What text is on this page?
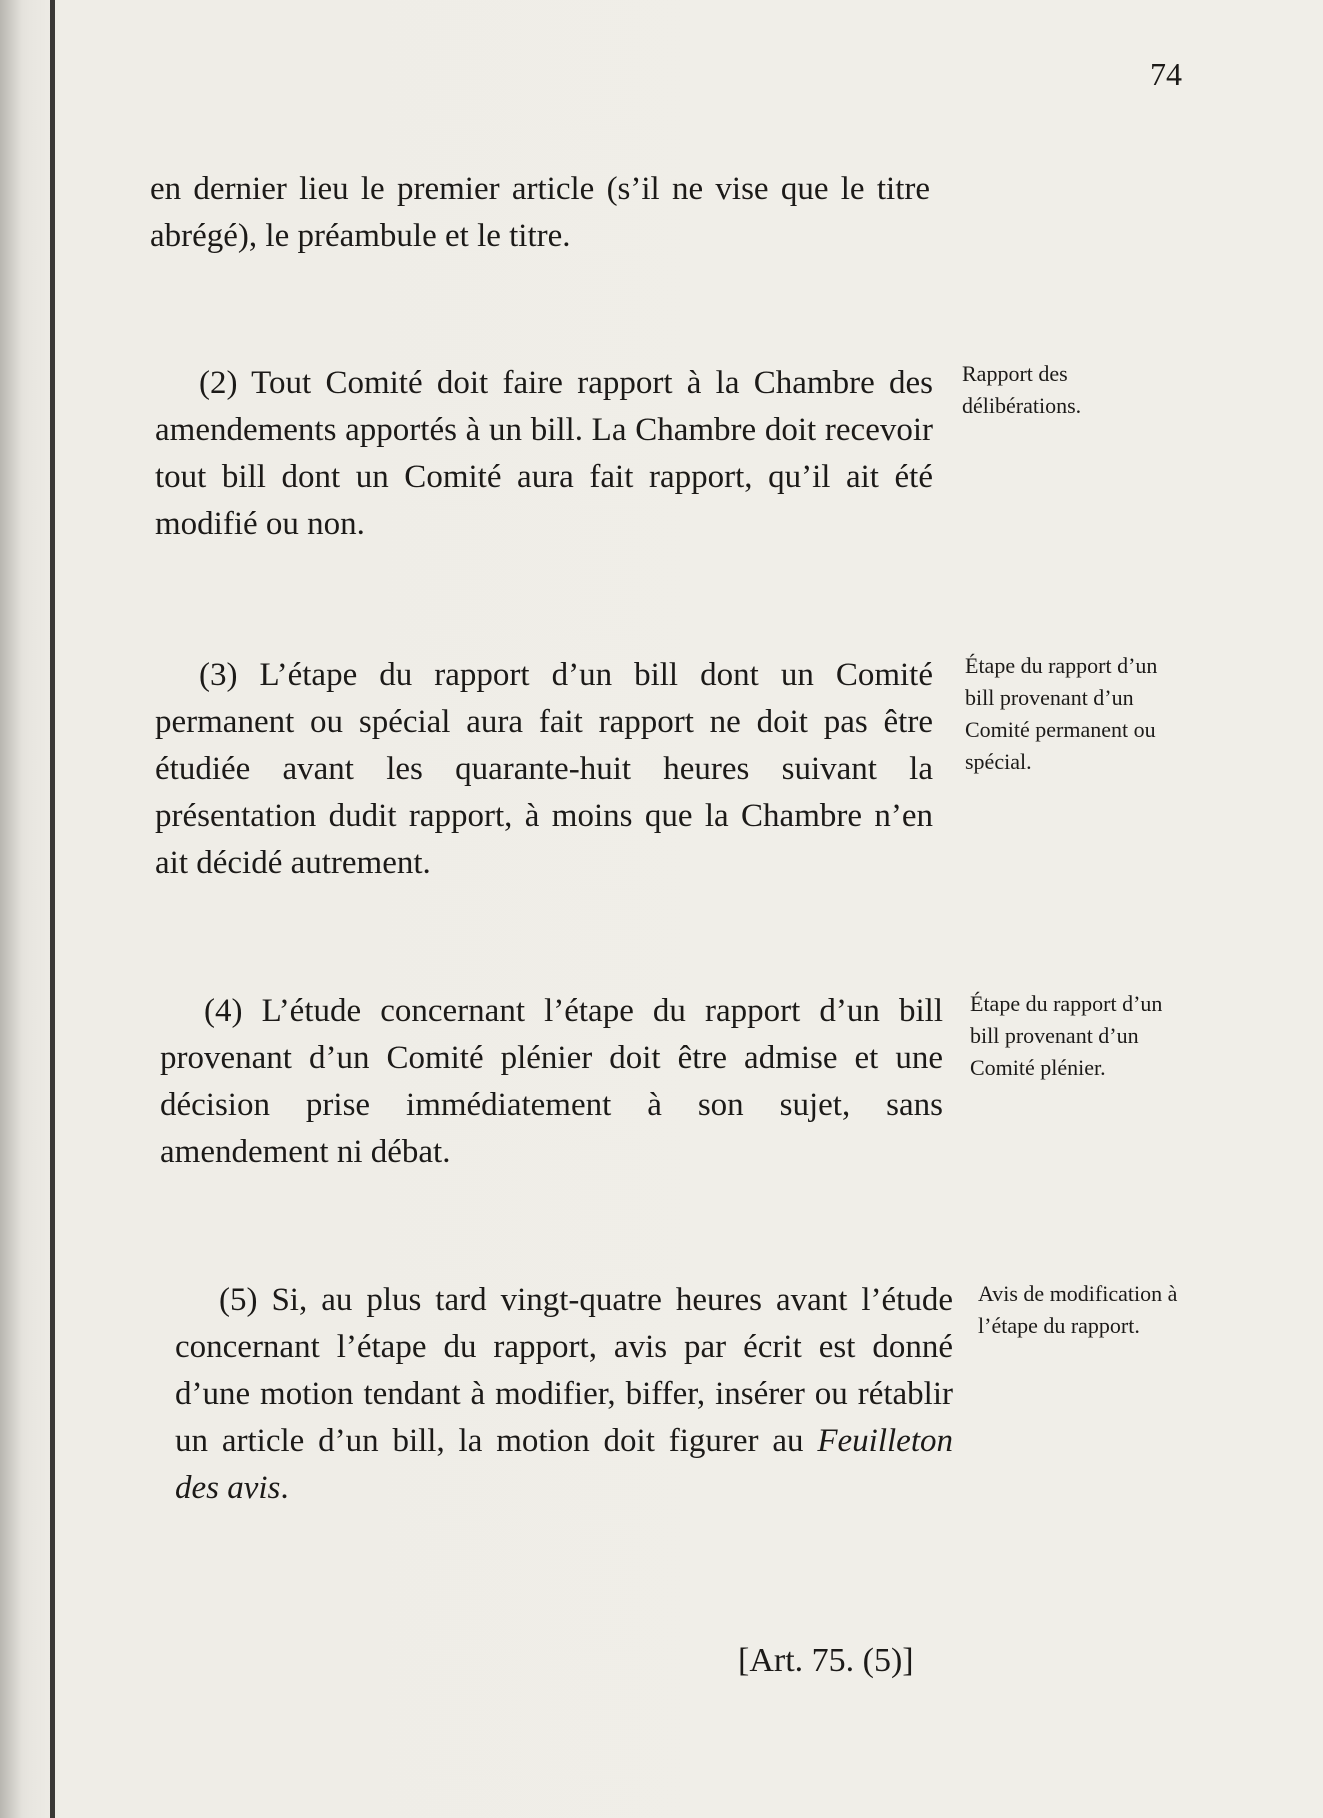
74

en dernier lieu le premier article (s’il ne vise que le titre abrégé), le préambule et le titre.

(2) Tout Comité doit faire rapport à la Chambre des amendements apportés à un bill. La Chambre doit recevoir tout bill dont un Comité aura fait rapport, qu’il ait été modifié ou non.

(3) L’étape du rapport d’un bill dont un Comité permanent ou spécial aura fait rapport ne doit pas être étudiée avant les quarante-huit heures suivant la présentation dudit rapport, à moins que la Chambre n’en ait décidé autrement.

(4) L’étude concernant l’étape du rapport d’un bill provenant d’un Comité plénier doit être admise et une décision prise immédiatement à son sujet, sans amendement ni débat.

(5) Si, au plus tard vingt-quatre heures avant l’étude concernant l’étape du rapport, avis par écrit est donné d’une motion tendant à modifier, biffer, insérer ou rétablir un article d’un bill, la motion doit figurer au Feuilleton des avis.

Rapport des délibérations.

Étape du rapport d’un bill provenant d’un Comité permanent ou spécial.

Étape du rapport d’un bill provenant d’un Comité plénier.

Avis de modification à l’étape du rapport.

[Art. 75. (5)]
